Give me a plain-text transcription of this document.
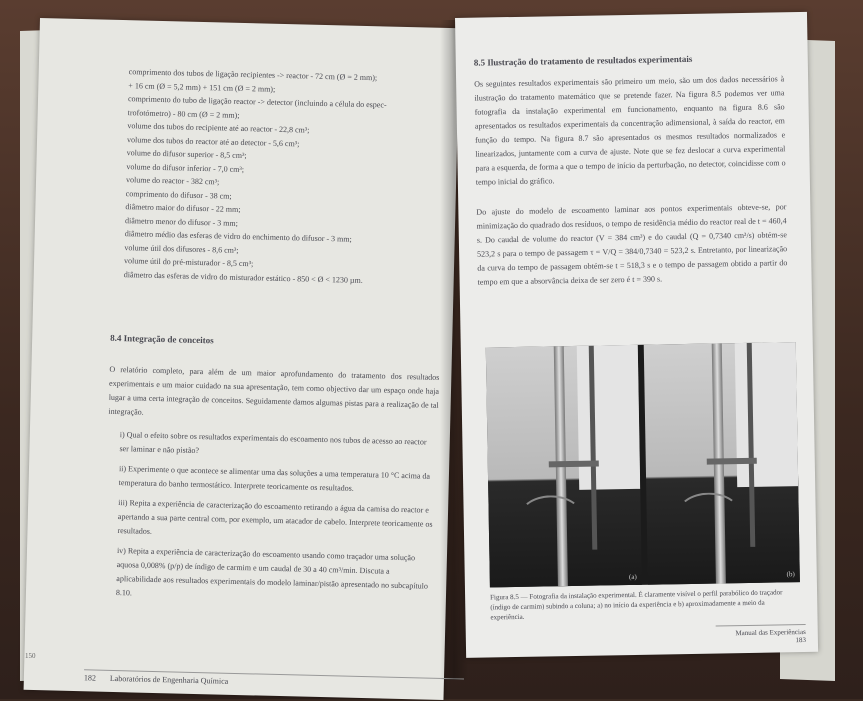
comprimento dos tubos de ligação recipientes -> reactor - 72 cm (Ø = 2 mm);
+ 16 cm (Ø = 5,2 mm) + 151 cm (Ø = 2 mm);
comprimento do tubo de ligação reactor -> detector (incluindo a célula do espec-
trofotómetro) - 80 cm (Ø = 2 mm);
volume dos tubos do recipiente até ao reactor - 22,8 cm³;
volume dos tubos do reactor até ao detector - 5,6 cm³;
volume do difusor superior - 8,5 cm³;
volume do difusor inferior - 7,0 cm³;
volume do reactor - 382 cm³;
comprimento do difusor - 38 cm;
diâmetro maior do difusor - 22 mm;
diâmetro menor do difusor - 3 mm;
diâmetro médio das esferas de vidro do enchimento do difusor - 3 mm;
volume útil dos difusores - 8,6 cm³;
volume útil do pré-misturador - 8,5 cm³;
diâmetro das esferas de vidro do misturador estático - 850 < Ø < 1230 µm.
8.4 Integração de conceitos
O relatório completo, para além de um maior aprofundamento do tratamento dos resultados experimentais e um maior cuidado na sua apresentação, tem como objectivo dar um espaço onde haja lugar a uma certa integração de conceitos. Seguidamente damos algumas pistas para a realização de tal integração.
i) Qual o efeito sobre os resultados experimentais do escoamento nos tubos de acesso ao reactor ser laminar e não pistão?
ii) Experimente o que acontece se alimentar uma das soluções a uma temperatura 10 °C acima da temperatura do banho termostático. Interprete teoricamente os resultados.
iii) Repita a experiência de caracterização do escoamento retirando a água da camisa do reactor e apertando a sua parte central com, por exemplo, um atacador de cabelo. Interprete teoricamente os resultados.
iv) Repita a experiência de caracterização do escoamento usando como traçador uma solução aquosa 0,008% (p/p) de índigo de carmim e um caudal de 30 a 40 cm³/min. Discuta a aplicabilidade aos resultados experimentais do modelo laminar/pistão apresentado no subcapítulo 8.10.
182 Laboratórios de Engenharia Química
150
8.5 Ilustração do tratamento de resultados experimentais
Os seguintes resultados experimentais são primeiro um meio, são um dos dados necessários à ilustração do tratamento matemático que se pretende fazer. Na figura 8.5 podemos ver uma fotografia da instalação experimental em funcionamento, enquanto na figura 8.6 são apresentados os resultados experimentais da concentração adimensional, à saída do reactor, em função do tempo. Na figura 8.7 são apresentados os mesmos resultados normalizados e linearizados, juntamente com a curva de ajuste. Note que se fez deslocar a curva experimental para a esquerda, de forma a que o tempo de início da perturbação, no detector, coincidisse com o tempo inicial do gráfico.
Do ajuste do modelo de escoamento laminar aos pontos experimentais obteve-se, por minimização do quadrado dos resíduos, o tempo de residência médio do reactor real de t = 460,4 s. Do caudal de volume do reactor (V = 384 cm³) e do caudal (Q = 0,7340 cm³/s) obtém-se 523,2 s para o tempo de passagem τ = V/Q = 384/0,7340 = 523,2 s. Entretanto, por linearização da curva do tempo de passagem obtém-se t = 518,3 s e o tempo de passagem obtido a partir do tempo em que a absorvância deixa de ser zero é t = 390 s.
(a)	(b)
Figura 8.5 — Fotografia da instalação experimental. É claramente visível o perfil parabólico do traçador (índigo de carmim) subindo a coluna; a) no início da experiência e b) aproximadamente a meio da experiência.
Manual das Experiências 183
